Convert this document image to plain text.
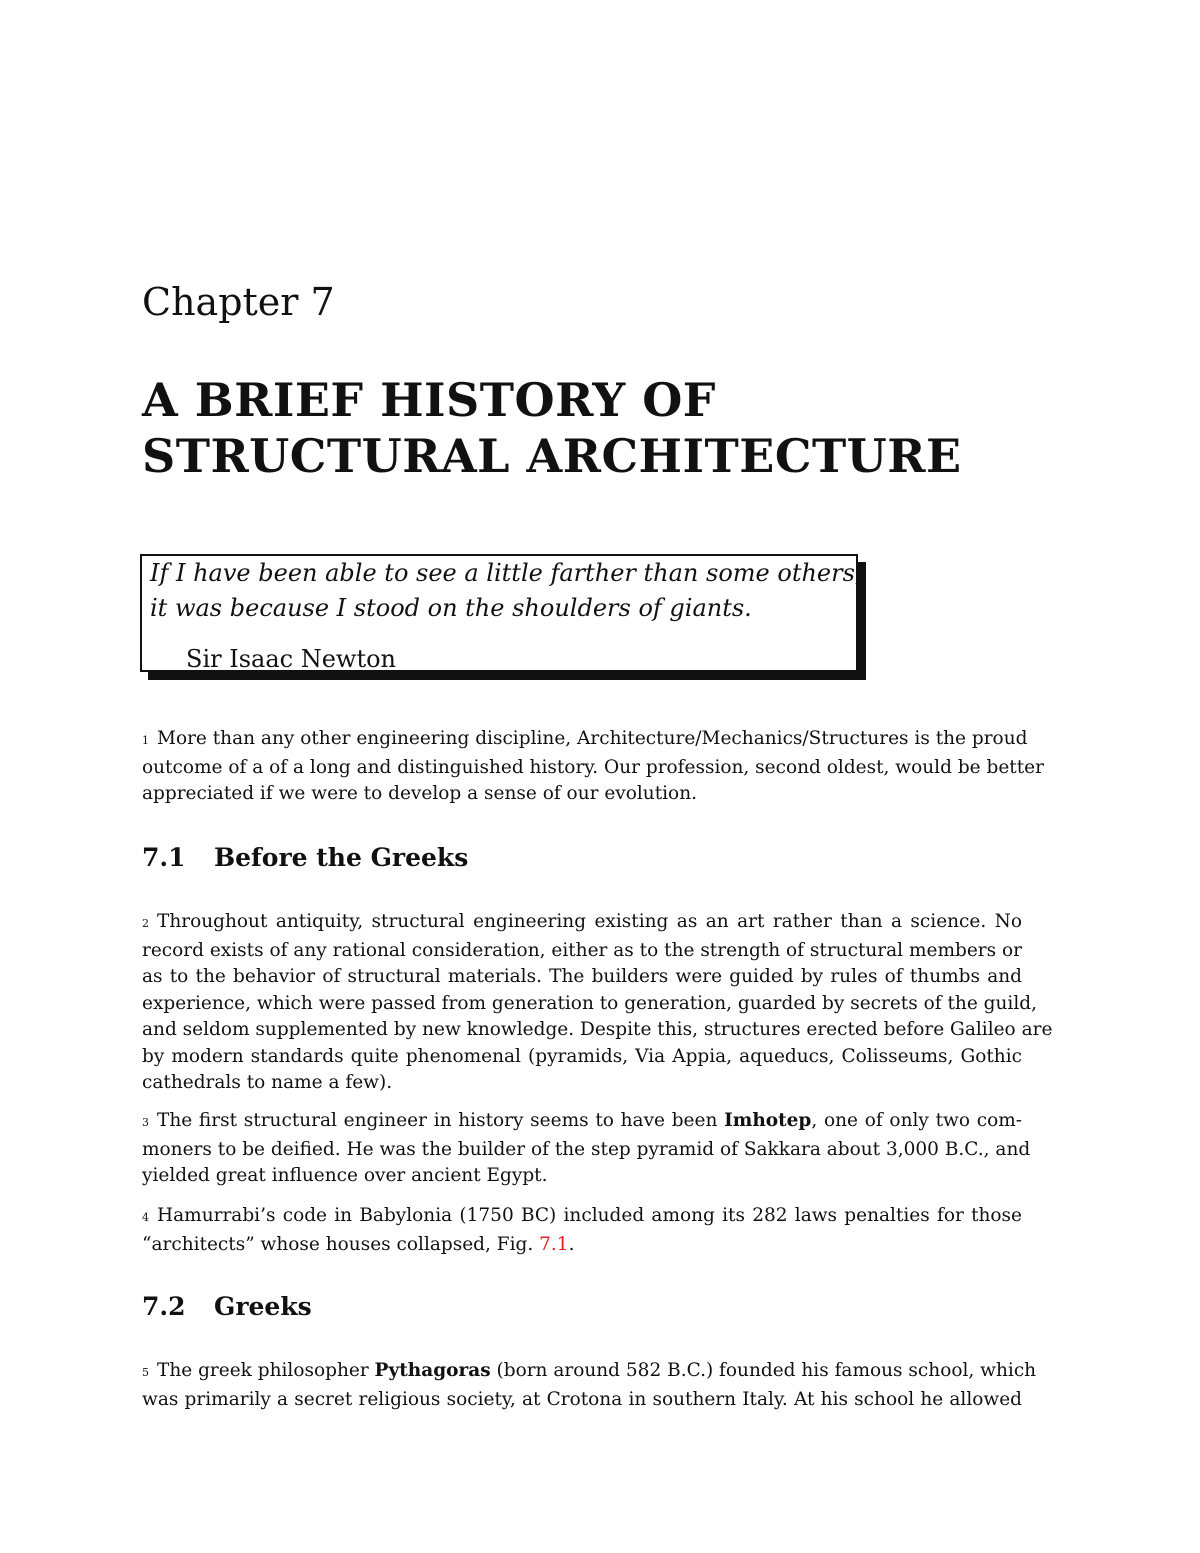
Chapter 7
A BRIEF HISTORY OF
STRUCTURAL ARCHITECTURE
If I have been able to see a little farther than some others,
it was because I stood on the shoulders of giants.
Sir Isaac Newton
1 More than any other engineering discipline, Architecture/Mechanics/Structures is the proud
outcome of a of a long and distinguished history. Our profession, second oldest, would be better
appreciated if we were to develop a sense of our evolution.
7.1 Before the Greeks
2 Throughout antiquity, structural engineering existing as an art rather than a science. No
record exists of any rational consideration, either as to the strength of structural members or
as to the behavior of structural materials. The builders were guided by rules of thumbs and
experience, which were passed from generation to generation, guarded by secrets of the guild,
and seldom supplemented by new knowledge. Despite this, structures erected before Galileo are
by modern standards quite phenomenal (pyramids, Via Appia, aqueducs, Colisseums, Gothic
cathedrals to name a few).
3 The first structural engineer in history seems to have been Imhotep, one of only two com-
moners to be deified. He was the builder of the step pyramid of Sakkara about 3,000 B.C., and
yielded great influence over ancient Egypt.
4 Hamurrabi’s code in Babylonia (1750 BC) included among its 282 laws penalties for those
“architects” whose houses collapsed, Fig. 7.1.
7.2 Greeks
5 The greek philosopher Pythagoras (born around 582 B.C.) founded his famous school, which
was primarily a secret religious society, at Crotona in southern Italy. At his school he allowed
